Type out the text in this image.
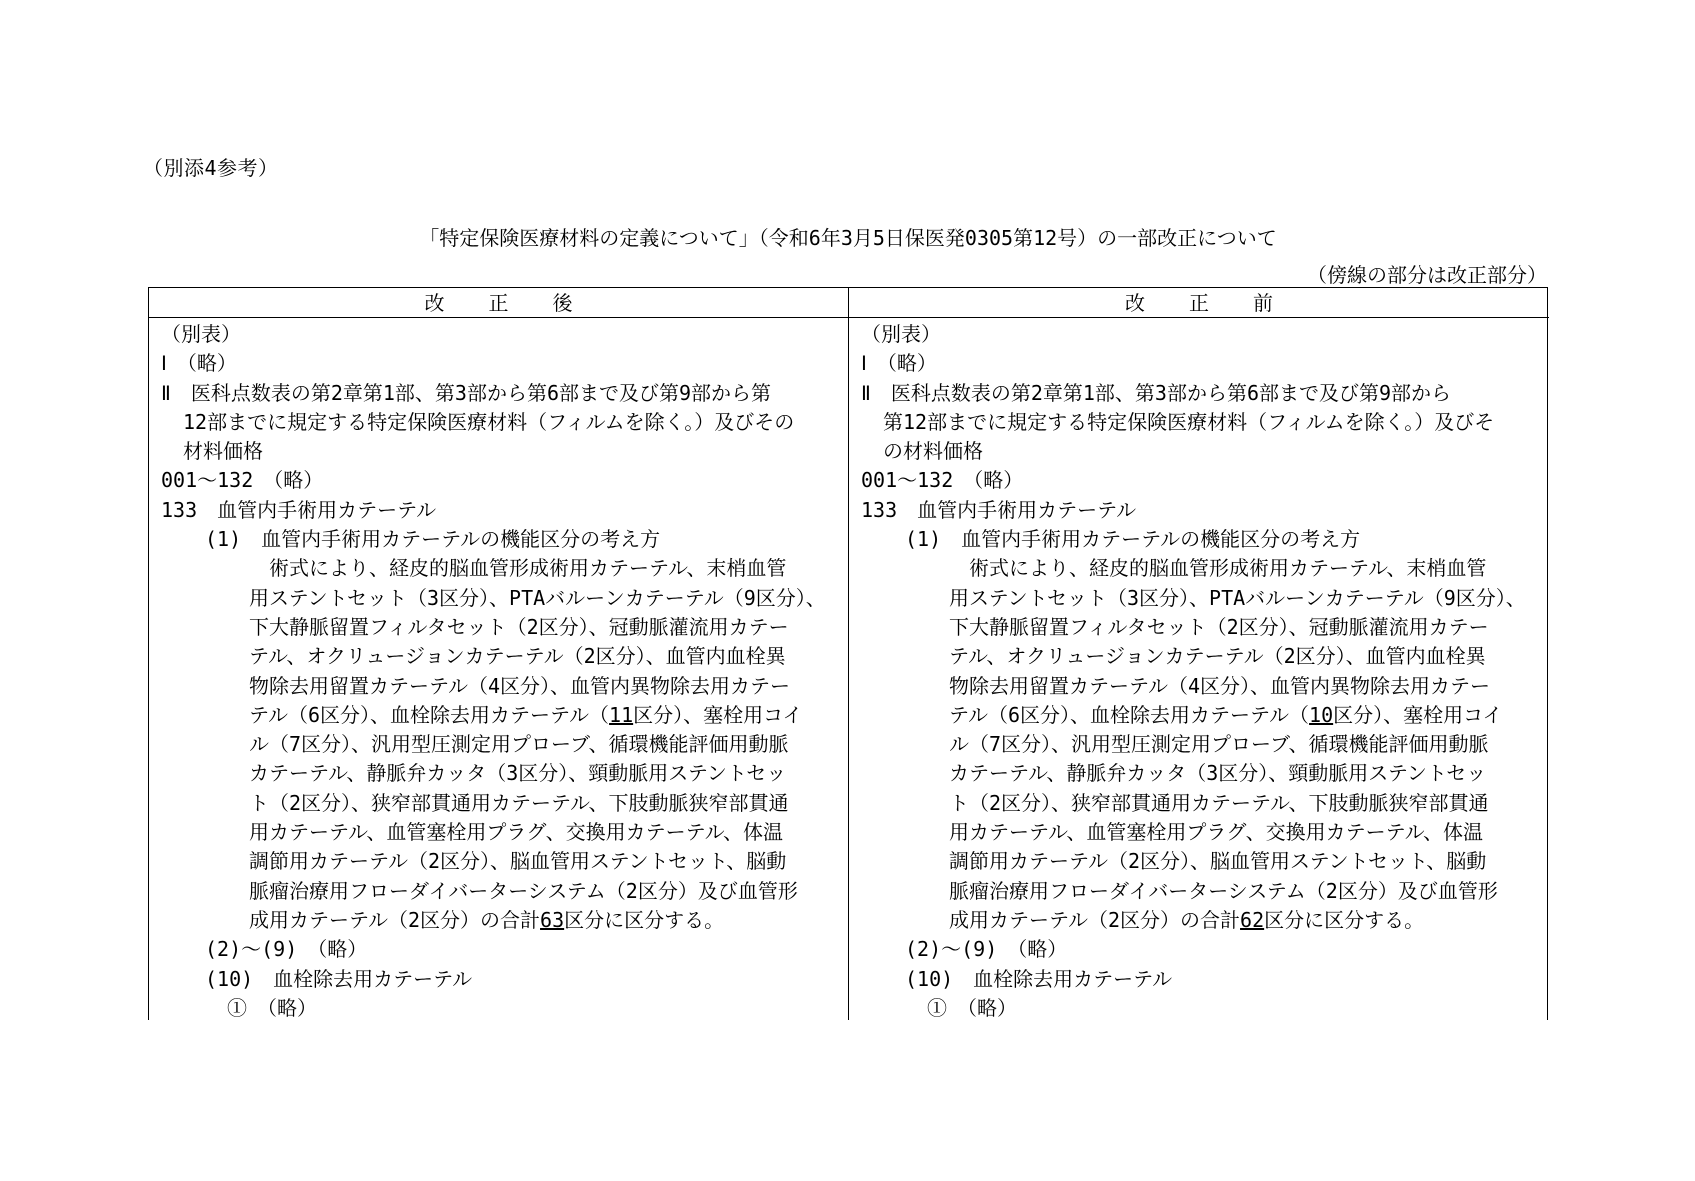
（別添4参考）
「特定保険医療材料の定義について」（令和6年3月5日保医発0305第12号）の一部改正について
（傍線の部分は改正部分）
改正後
（別表）
Ⅰ　（略）
Ⅱ　医科点数表の第2章第1部、第3部から第6部まで及び第9部から第
12部までに規定する特定保険医療材料（フィルムを除く。）及びその
材料価格
001～132　（略）
133　血管内手術用カテーテル
(1)　血管内手術用カテーテルの機能区分の考え方
術式により、経皮的脳血管形成術用カテーテル、末梢血管
用ステントセット（3区分）、PTAバルーンカテーテル（9区分）、
下大静脈留置フィルタセット（2区分）、冠動脈灌流用カテー
テル、オクリュージョンカテーテル（2区分）、血管内血栓異
物除去用留置カテーテル（4区分）、血管内異物除去用カテー
テル（6区分）、血栓除去用カテーテル（11区分）、塞栓用コイ
ル（7区分）、汎用型圧測定用プローブ、循環機能評価用動脈
カテーテル、静脈弁カッタ（3区分）、頸動脈用ステントセッ
ト（2区分）、狭窄部貫通用カテーテル、下肢動脈狭窄部貫通
用カテーテル、血管塞栓用プラグ、交換用カテーテル、体温
調節用カテーテル（2区分）、脳血管用ステントセット、脳動
脈瘤治療用フローダイバーターシステム（2区分）及び血管形
成用カテーテル（2区分）の合計63区分に区分する。
(2)～(9)　（略）
(10)　血栓除去用カテーテル
①　（略）
改正前
（別表）
Ⅰ　（略）
Ⅱ　医科点数表の第2章第1部、第3部から第6部まで及び第9部から
第12部までに規定する特定保険医療材料（フィルムを除く。）及びそ
の材料価格
001～132　（略）
133　血管内手術用カテーテル
(1)　血管内手術用カテーテルの機能区分の考え方
術式により、経皮的脳血管形成術用カテーテル、末梢血管
用ステントセット（3区分）、PTAバルーンカテーテル（9区分）、
下大静脈留置フィルタセット（2区分）、冠動脈灌流用カテー
テル、オクリュージョンカテーテル（2区分）、血管内血栓異
物除去用留置カテーテル（4区分）、血管内異物除去用カテー
テル（6区分）、血栓除去用カテーテル（10区分）、塞栓用コイ
ル（7区分）、汎用型圧測定用プローブ、循環機能評価用動脈
カテーテル、静脈弁カッタ（3区分）、頸動脈用ステントセッ
ト（2区分）、狭窄部貫通用カテーテル、下肢動脈狭窄部貫通
用カテーテル、血管塞栓用プラグ、交換用カテーテル、体温
調節用カテーテル（2区分）、脳血管用ステントセット、脳動
脈瘤治療用フローダイバーターシステム（2区分）及び血管形
成用カテーテル（2区分）の合計62区分に区分する。
(2)～(9)　（略）
(10)　血栓除去用カテーテル
①　（略）
